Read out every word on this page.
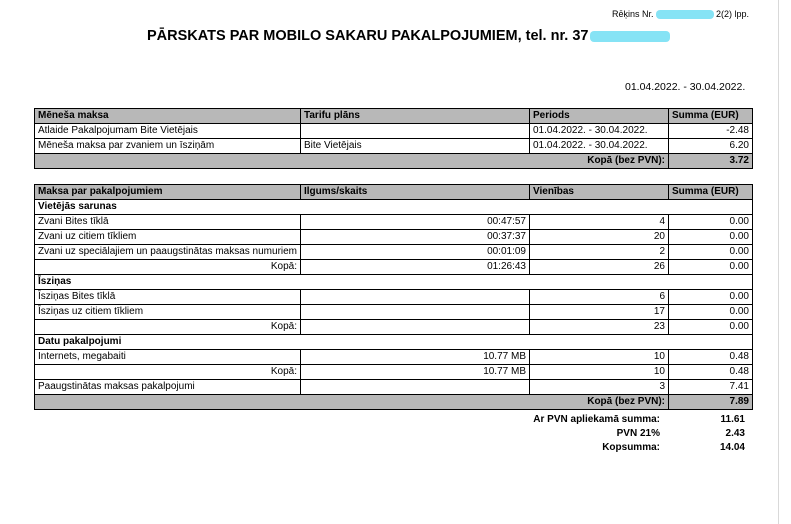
Rēķins Nr.	2(2) lpp.
PĀRSKATS PAR MOBILO SAKARU PAKALPOJUMIEM, tel. nr. 37
01.04.2022. - 30.04.2022.
Mēneša maksa	Tarifu plāns	Periods	Summa (EUR)
Atlaide Pakalpojumam Bite Vietējais		01.04.2022. - 30.04.2022.	-2.48
Mēneša maksa par zvaniem un īsziņām	Bite Vietējais	01.04.2022. - 30.04.2022.	6.20
Kopā (bez PVN):			3.72
Maksa par pakalpojumiem	Ilgums/skaits	Vienības	Summa (EUR)
Vietējās sarunas			
Zvani Bites tīklā	00:47:57	4	0.00
Zvani uz citiem tīkliem	00:37:37	20	0.00
Zvani uz speciālajiem un paaugstinātas maksas numuriem	00:01:09	2	0.00
Kopā:	01:26:43	26	0.00
Īsziņas			
Īsziņas Bites tīklā		6	0.00
Īsziņas uz citiem tīkliem		17	0.00
Kopā:		23	0.00
Datu pakalpojumi			
Internets, megabaiti	10.77 MB	10	0.48
Kopā:	10.77 MB	10	0.48
Paaugstinātas maksas pakalpojumi		3	7.41
Kopā (bez PVN):			7.89
Ar PVN apliekamā summa:	11.61
PVN 21%	2.43
Kopsumma:	14.04
